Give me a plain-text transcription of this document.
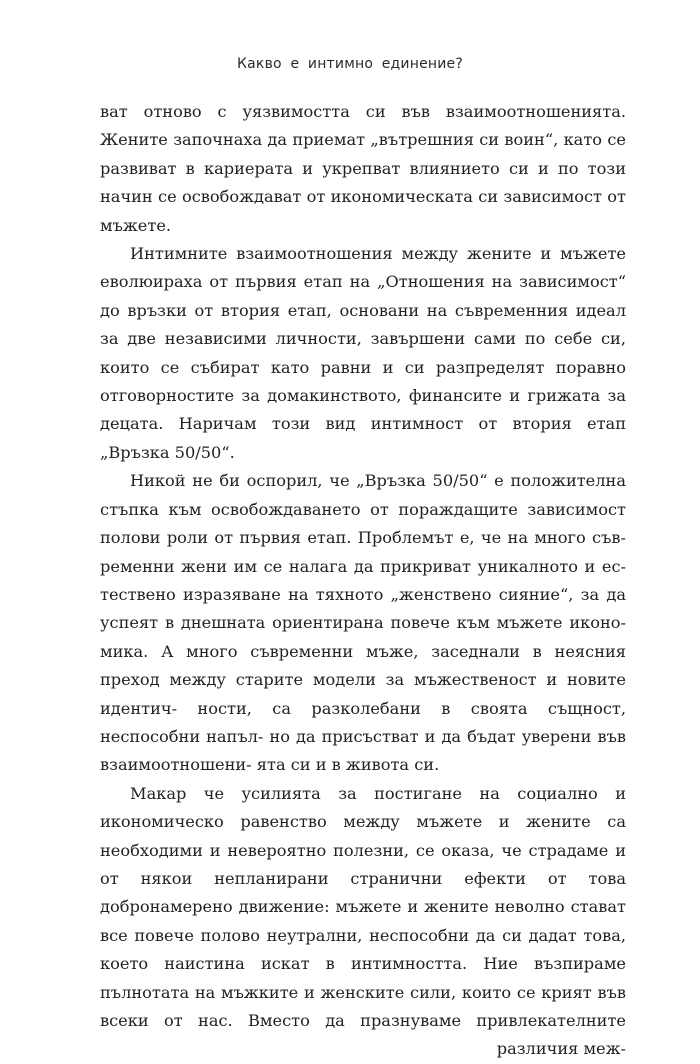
Какво е интимно единение?

ват отново с уязвимостта си във взаимоотношенията. Жените започнаха да приемат „вътрешния си воин“, като се развиват в кариерата и укрепват влиянието си и по този начин се освобождават от икономическата си зависимост от мъжете.

Интимните взаимоотношения между жените и мъжете еволюираха от първия етап на „Отношения на зависимост“ до връзки от втория етап, основани на съвременния идеал за две независими личности, завършени сами по себе си, които се събират като равни и си разпределят поравно отговорностите за домакинството, финансите и грижата за децата. Наричам този вид интимност от втория етап „Връзка 50/50“.

Никой не би оспорил, че „Връзка 50/50“ е положителна стъпка към освобождаването от пораждащите зависимост полови роли от първия етап. Проблемът е, че на много съв- ременни жени им се налага да прикриват уникалното и ес- тествено изразяване на тяхното „женствено сияние“, за да успеят в днешната ориентирана повече към мъжете иконо- мика. А много съвременни мъже, заседнали в неясния преход между старите модели за мъжественост и новите идентич- ности, са разколебани в своята същност, неспособни напъл- но да присъстват и да бъдат уверени във взаимоотношени- ята си и в живота си.

Макар че усилията за постигане на социално и икономическо равенство между мъжете и жените са необходими и невероятно полезни, се оказа, че страдаме и от някои непланирани странични ефекти от това добронамерено движение: мъжете и жените неволно стават все повече полово неутрални, неспособни да си дадат това, което наистина искат в интимността. Ние възпираме пълнотата на мъжките и женските сили, които се крият във всеки от нас. Вместо да празнуваме привлекателните различия меж-
